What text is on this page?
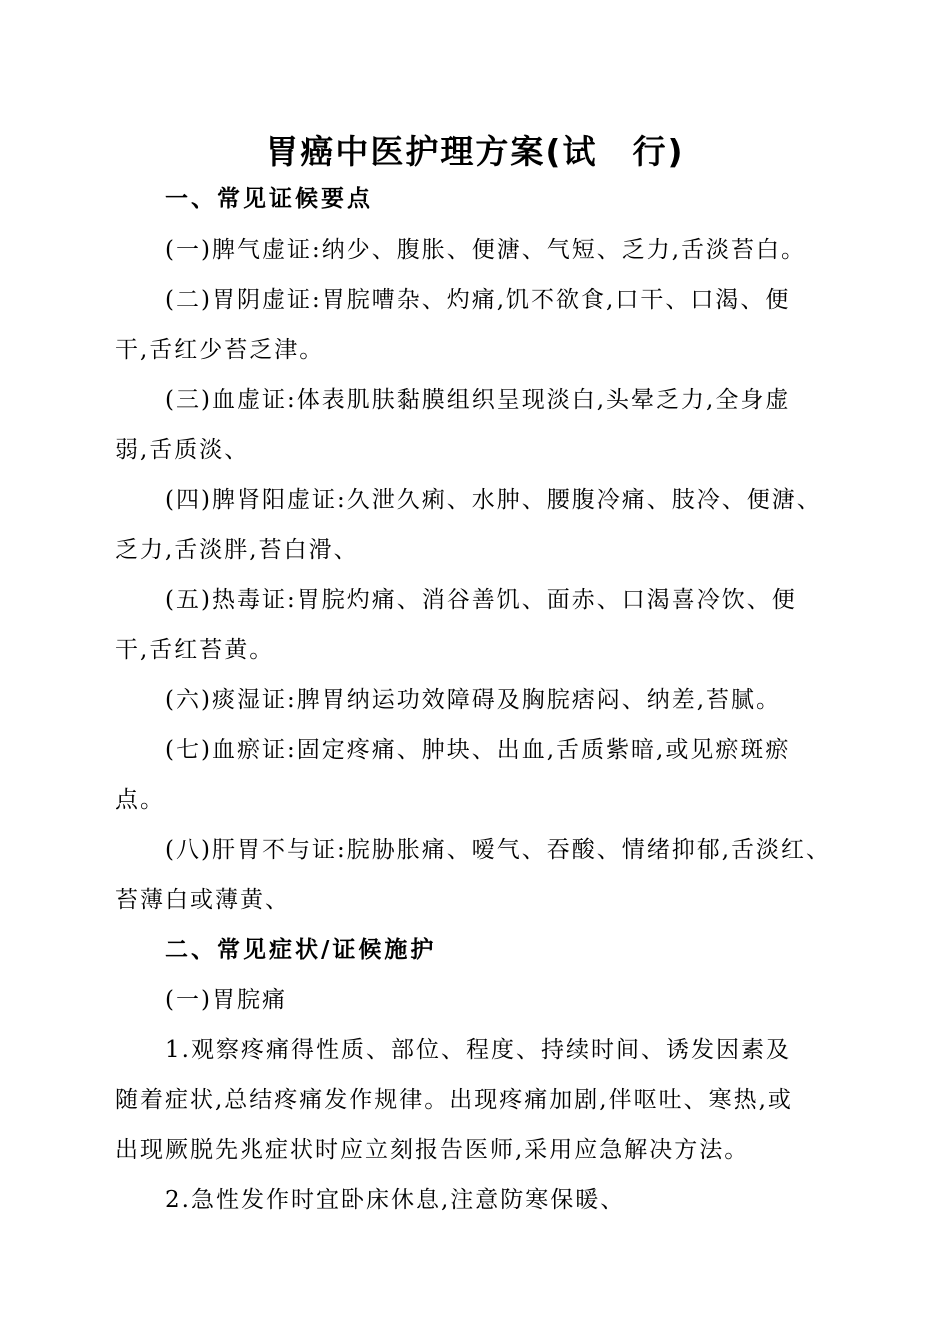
胃癌中医护理方案(试　行)
一、常见证候要点
(一)脾气虚证:纳少、腹胀、便溏、气短、乏力,舌淡苔白。
(二)胃阴虚证:胃脘嘈杂、灼痛,饥不欲食,口干、口渴、便
干,舌红少苔乏津。
(三)血虚证:体表肌肤黏膜组织呈现淡白,头晕乏力,全身虚
弱,舌质淡、
(四)脾肾阳虚证:久泄久痢、水肿、腰腹冷痛、肢冷、便溏、
乏力,舌淡胖,苔白滑、
(五)热毒证:胃脘灼痛、消谷善饥、面赤、口渴喜冷饮、便
干,舌红苔黄。
(六)痰湿证:脾胃纳运功效障碍及胸脘痞闷、纳差,苔腻。
(七)血瘀证:固定疼痛、肿块、出血,舌质紫暗,或见瘀斑瘀
点。
(八)肝胃不与证:脘胁胀痛、嗳气、吞酸、情绪抑郁,舌淡红、
苔薄白或薄黄、
二、常见症状/证候施护
(一)胃脘痛
1.观察疼痛得性质、部位、程度、持续时间、诱发因素及
随着症状,总结疼痛发作规律。出现疼痛加剧,伴呕吐、寒热,或
出现厥脱先兆症状时应立刻报告医师,采用应急解决方法。
2.急性发作时宜卧床休息,注意防寒保暖、
